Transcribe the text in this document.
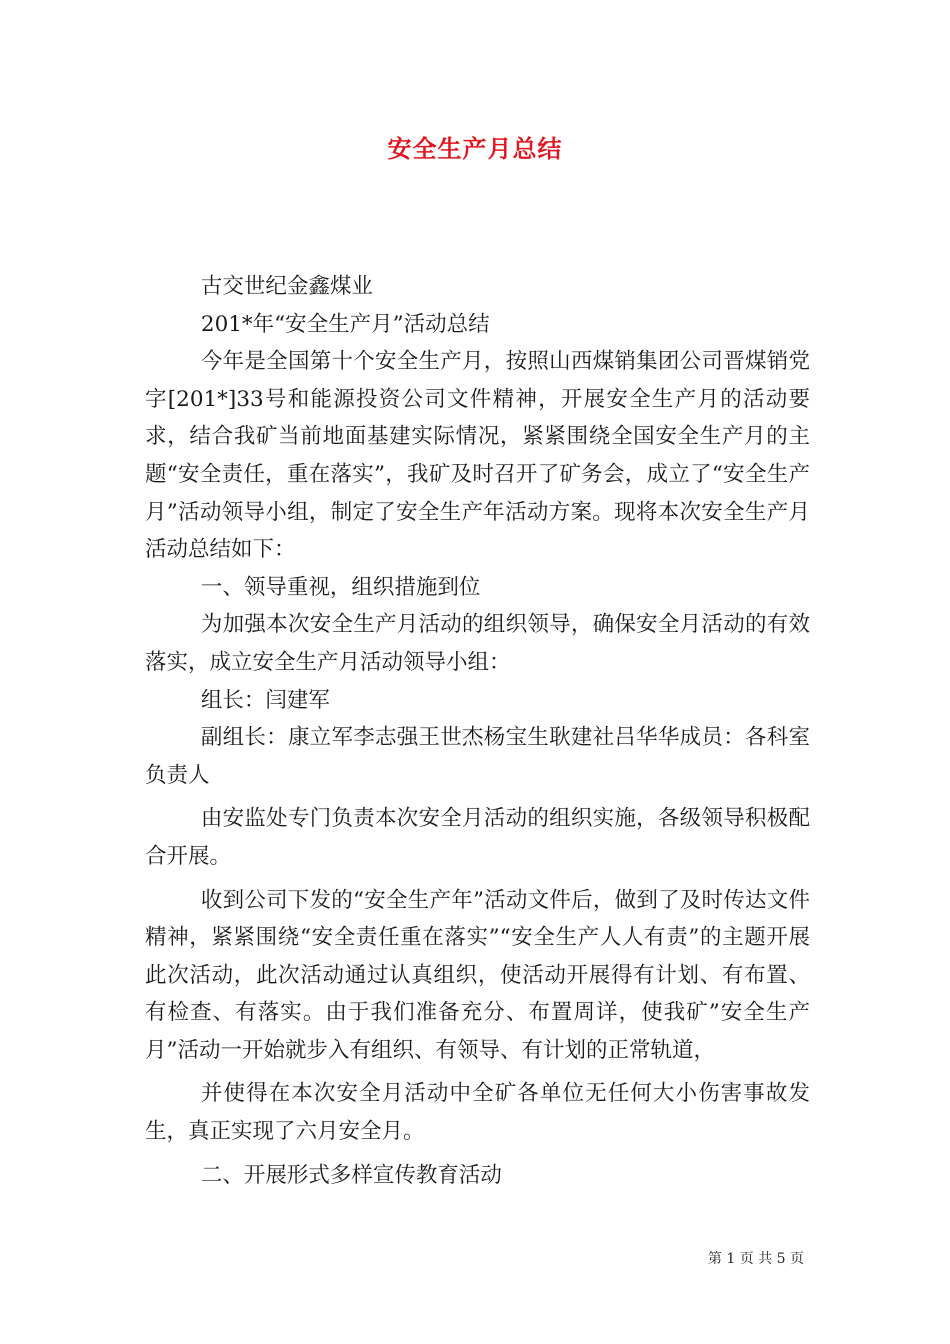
安全生产月总结

古交世纪金鑫煤业

201*年“安全生产月”活动总结

今年是全国第十个安全生产月，按照山西煤销集团公司晋煤销党字[201*]33号和能源投资公司文件精神，开展安全生产月的活动要求，结合我矿当前地面基建实际情况，紧紧围绕全国安全生产月的主题“安全责任，重在落实”，我矿及时召开了矿务会，成立了“安全生产月”活动领导小组，制定了安全生产年活动方案。现将本次安全生产月活动总结如下：

一、领导重视，组织措施到位

为加强本次安全生产月活动的组织领导，确保安全月活动的有效落实，成立安全生产月活动领导小组：

组长：闫建军

副组长：康立军李志强王世杰杨宝生耿建社吕华华成员：各科室负责人

由安监处专门负责本次安全月活动的组织实施，各级领导积极配合开展。

收到公司下发的“安全生产年”活动文件后，做到了及时传达文件精神，紧紧围绕“安全责任重在落实”“安全生产人人有责”的主题开展此次活动，此次活动通过认真组织，使活动开展得有计划、有布置、有检查、有落实。由于我们准备充分、布置周详，使我矿”安全生产月”活动一开始就步入有组织、有领导、有计划的正常轨道，

并使得在本次安全月活动中全矿各单位无任何大小伤害事故发生，真正实现了六月安全月。

二、开展形式多样宣传教育活动

第 1 页 共 5 页
